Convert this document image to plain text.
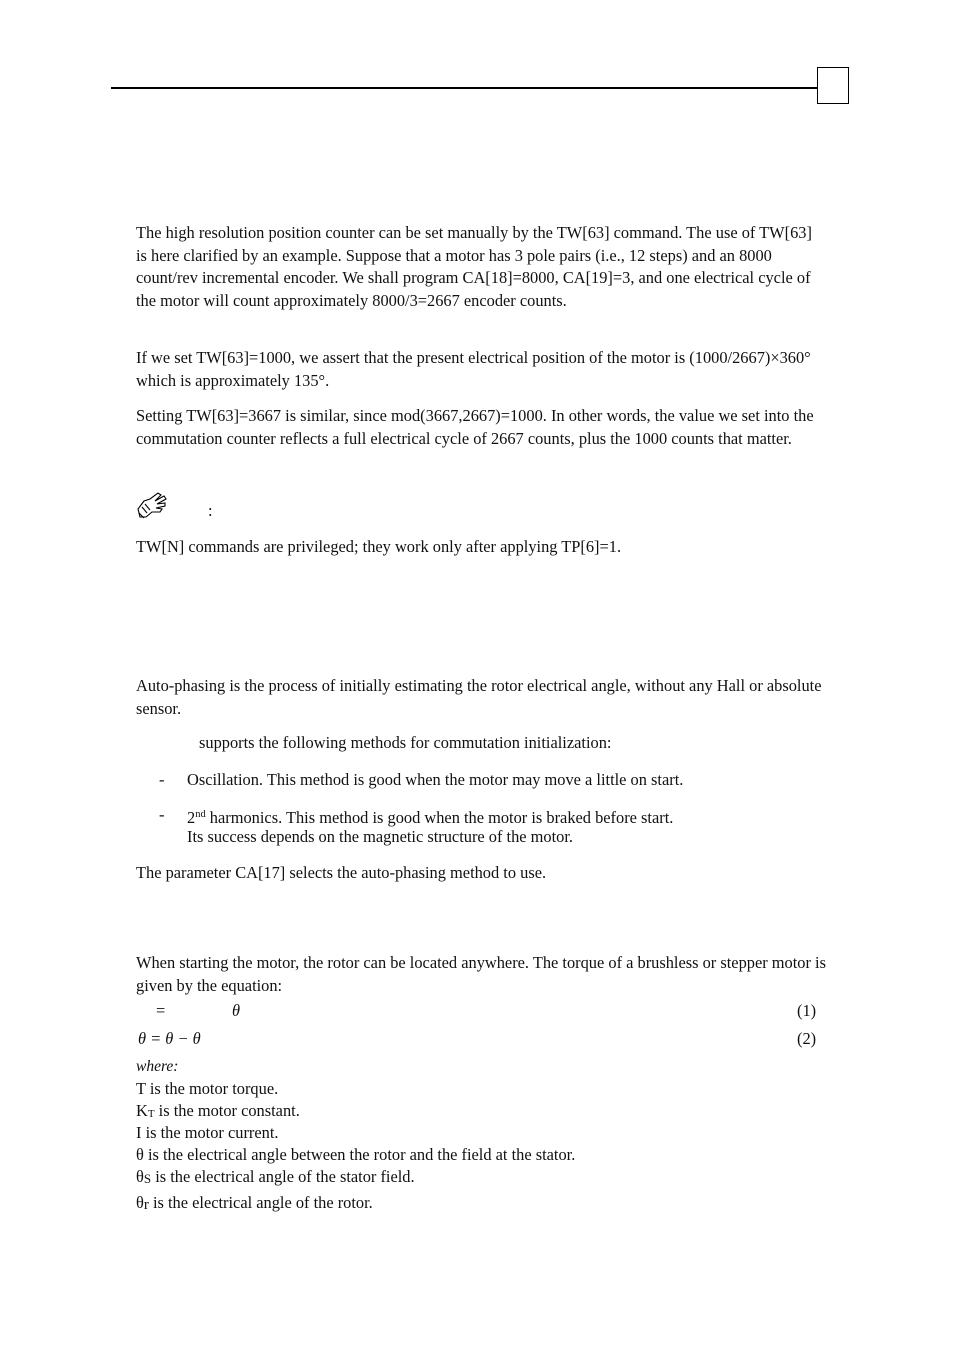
The high resolution position counter can be set manually by the TW[63] command. The use of TW[63] is here clarified by an example. Suppose that a motor has 3 pole pairs (i.e., 12 steps) and an 8000 count/rev incremental encoder. We shall program CA[18]=8000, CA[19]=3, and one electrical cycle of the motor will count approximately 8000/3=2667 encoder counts.

If we set TW[63]=1000, we assert that the present electrical position of the motor is (1000/2667)×360° which is approximately 135°.

Setting TW[63]=3667 is similar, since mod(3667,2667)=1000. In other words, the value we set into the commutation counter reflects a full electrical cycle of 2667 counts, plus the 1000 counts that matter.

:
TW[N] commands are privileged; they work only after applying TP[6]=1.

Auto-phasing is the process of initially estimating the rotor electrical angle, without any Hall or absolute sensor.

supports the following methods for commutation initialization:
- Oscillation. This method is good when the motor may move a little on start.
- 2nd harmonics. This method is good when the motor is braked before start.
Its success depends on the magnetic structure of the motor.
The parameter CA[17] selects the auto-phasing method to use.

When starting the motor, the rotor can be located anywhere. The torque of a brushless or stepper motor is given by the equation:

=	θ	(1)
θ = θ − θ	(2)
where:
T is the motor torque.
KT is the motor constant.
I is the motor current.
θ is the electrical angle between the rotor and the field at the stator.
θS is the electrical angle of the stator field.
θr is the electrical angle of the rotor.
